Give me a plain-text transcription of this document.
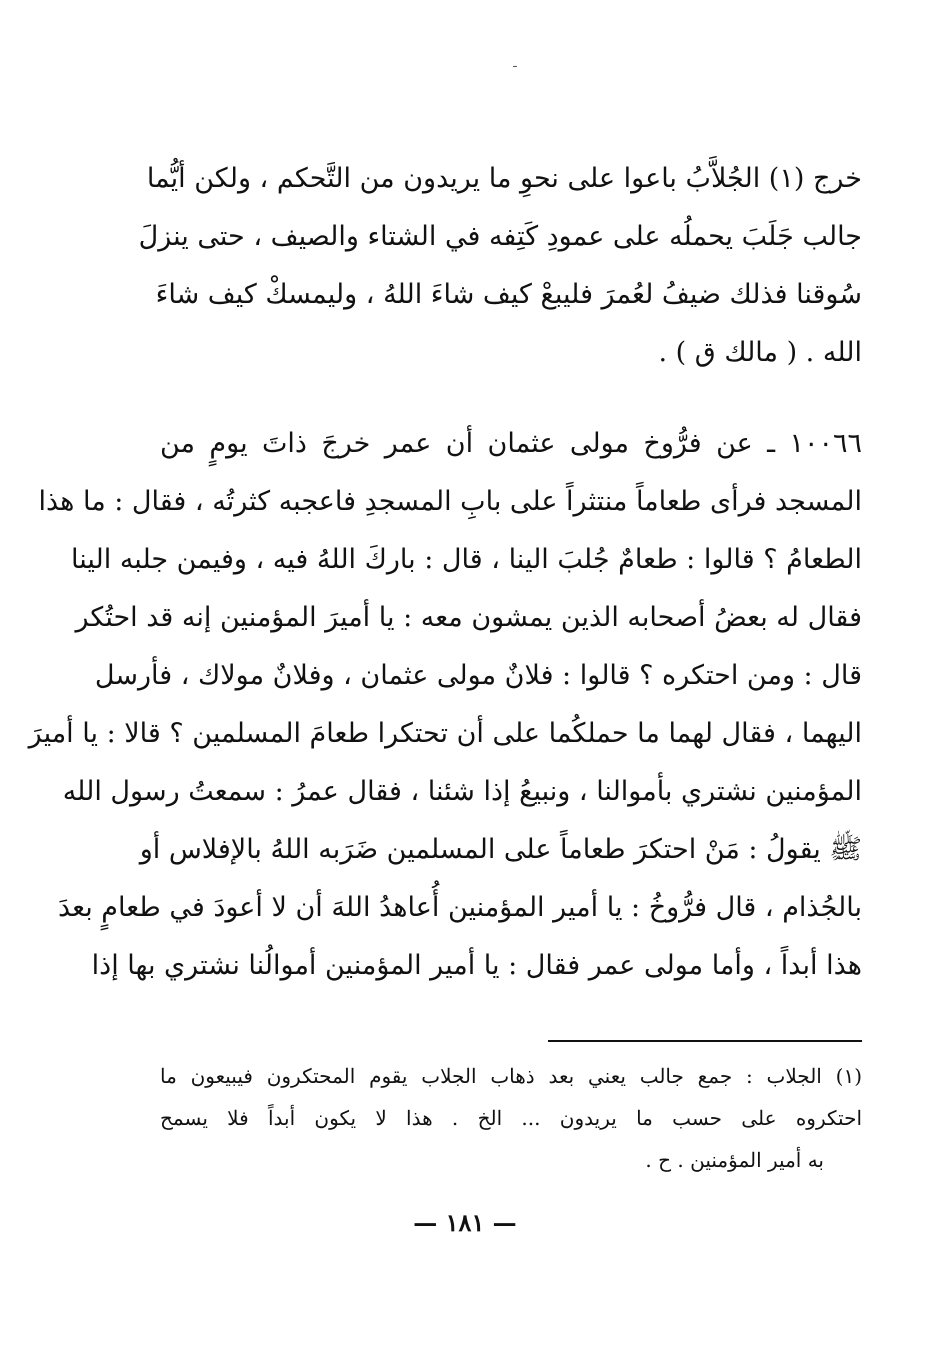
ـ
خرج (١) الجُلاَّبُ باعوا على نحوِ ما يريدون من التَّحكم ، ولكن أيُّما
جالب جَلَبَ يحملُه على عمودِ كَتِفه في الشتاء والصيف ، حتى ينزلَ
سُوقنا فذلك ضيفُ لعُمرَ فليبعْ كيف شاءَ اللهُ ، وليمسكْ كيف شاءَ
الله . ( مالك ق ) .
١٠٠٦٦ ـ عن فرُّوخ مولى عثمان أن عمر خرجَ ذاتَ يومٍ من
المسجد فرأى طعاماً منتثراً على بابِ المسجدِ فاعجبه كثرتُه ، فقال : ما هذا
الطعامُ ؟ قالوا : طعامٌ جُلبَ الينا ، قال : باركَ اللهُ فيه ، وفيمن جلبه الينا
فقال له بعضُ أصحابه الذين يمشون معه : يا أميرَ المؤمنين إنه قد احتُكر
قال : ومن احتكره ؟ قالوا : فلانٌ مولى عثمان ، وفلانٌ مولاك ، فأرسل
اليهما ، فقال لهما ما حملكُما على أن تحتكرا طعامَ المسلمين ؟ قالا : يا أميرَ
المؤمنين نشتري بأموالنا ، ونبيعُ إذا شئنا ، فقال عمرُ : سمعتُ رسول الله
ﷺ يقولُ : مَنْ احتكرَ طعاماً على المسلمين ضَرَبه اللهُ بالإفلاس أو
بالجُذام ، قال فرُّوخُ : يا أمير المؤمنين أُعاهدُ اللهَ أن لا أعودَ في طعامٍ بعدَ
هذا أبداً ، وأما مولى عمر فقال : يا أمير المؤمنين أموالُنا نشتري بها إذا
(١) الجلاب : جمع جالب يعني بعد ذهاب الجلاب يقوم المحتكرون فيبيعون ما
احتكروه على حسب ما يريدون ... الخ . هذا لا يكون أبداً فلا يسمح
به أمير المؤمنين . ح .
— ١٨١ —
